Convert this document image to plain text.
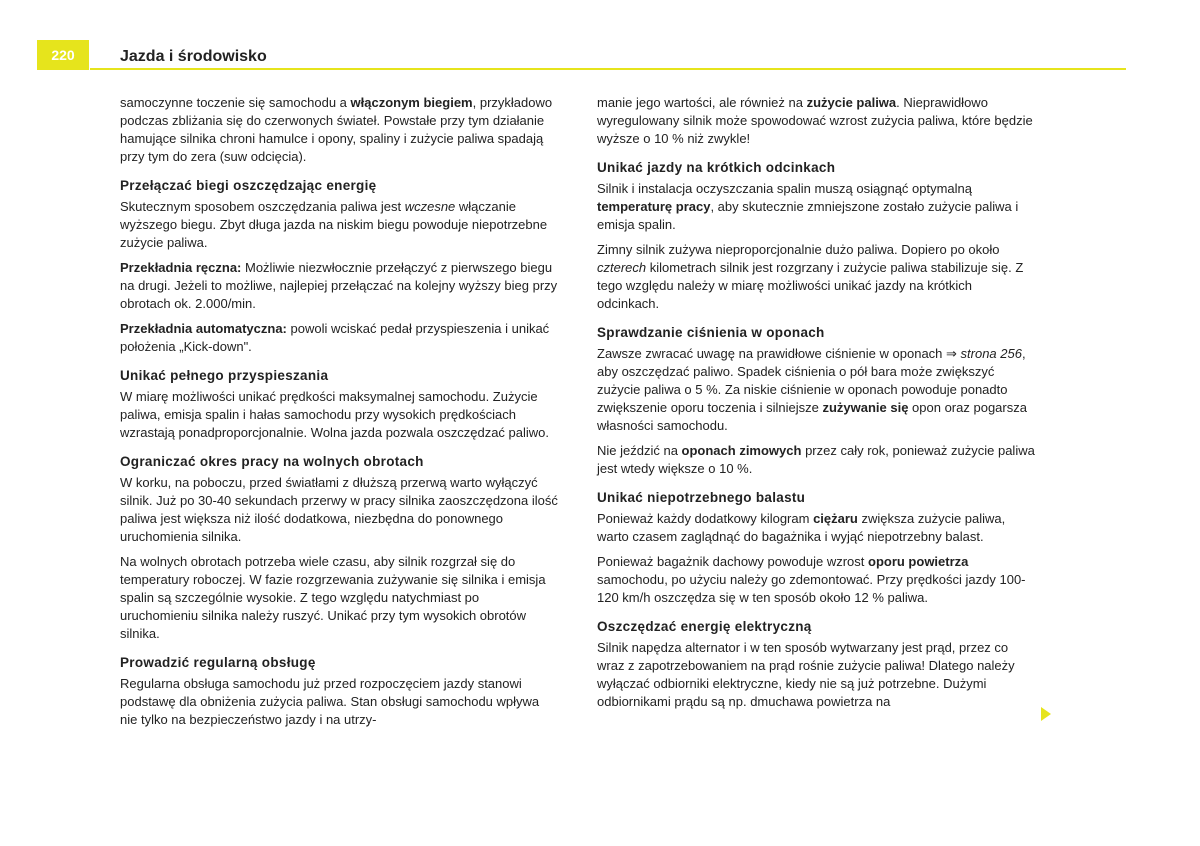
220	Jazda i środowisko

samoczynne toczenie się samochodu a włączonym biegiem, przykładowo podczas zbliżania się do czerwonych świateł. Powstałe przy tym działanie hamujące silnika chroni hamulce i opony, spaliny i zużycie paliwa spadają przy tym do zera (suw odcięcia).

Przełączać biegi oszczędzając energię

Skutecznym sposobem oszczędzania paliwa jest wczesne włączanie wyższego biegu. Zbyt długa jazda na niskim biegu powoduje niepotrzebne zużycie paliwa.

Przekładnia ręczna: Możliwie niezwłocznie przełączyć z pierwszego biegu na drugi. Jeżeli to możliwe, najlepiej przełączać na kolejny wyższy bieg przy obrotach ok. 2.000/min.

Przekładnia automatyczna: powoli wciskać pedał przyspieszenia i unikać położenia „Kick-down".

Unikać pełnego przyspieszania

W miarę możliwości unikać prędkości maksymalnej samochodu. Zużycie paliwa, emisja spalin i hałas samochodu przy wysokich prędkościach wzrastają ponadproporcjonalnie. Wolna jazda pozwala oszczędzać paliwo.

Ograniczać okres pracy na wolnych obrotach

W korku, na poboczu, przed światłami z dłuższą przerwą warto wyłączyć silnik. Już po 30-40 sekundach przerwy w pracy silnika zaoszczędzona ilość paliwa jest większa niż ilość dodatkowa, niezbędna do ponownego uruchomienia silnika.

Na wolnych obrotach potrzeba wiele czasu, aby silnik rozgrzał się do temperatury roboczej. W fazie rozgrzewania zużywanie się silnika i emisja spalin są szczególnie wysokie. Z tego względu natychmiast po uruchomieniu silnika należy ruszyć. Unikać przy tym wysokich obrotów silnika.

Prowadzić regularną obsługę

Regularna obsługa samochodu już przed rozpoczęciem jazdy stanowi podstawę dla obniżenia zużycia paliwa. Stan obsługi samochodu wpływa nie tylko na bezpieczeństwo jazdy i na utrzy-

manie jego wartości, ale również na zużycie paliwa. Nieprawidłowo wyregulowany silnik może spowodować wzrost zużycia paliwa, które będzie wyższe o 10 % niż zwykle!

Unikać jazdy na krótkich odcinkach

Silnik i instalacja oczyszczania spalin muszą osiągnąć optymalną temperaturę pracy, aby skutecznie zmniejszone zostało zużycie paliwa i emisja spalin.

Zimny silnik zużywa nieproporcjonalnie dużo paliwa. Dopiero po około czterech kilometrach silnik jest rozgrzany i zużycie paliwa stabilizuje się. Z tego względu należy w miarę możliwości unikać jazdy na krótkich odcinkach.

Sprawdzanie ciśnienia w oponach

Zawsze zwracać uwagę na prawidłowe ciśnienie w oponach ⇒ strona 256, aby oszczędzać paliwo. Spadek ciśnienia o pół bara może zwiększyć zużycie paliwa o 5 %. Za niskie ciśnienie w oponach powoduje ponadto zwiększenie oporu toczenia i silniejsze zużywanie się opon oraz pogarsza własności samochodu.

Nie jeździć na oponach zimowych przez cały rok, ponieważ zużycie paliwa jest wtedy większe o 10 %.

Unikać niepotrzebnego balastu

Ponieważ każdy dodatkowy kilogram ciężaru zwiększa zużycie paliwa, warto czasem zaglądnąć do bagażnika i wyjąć niepotrzebny balast.

Ponieważ bagażnik dachowy powoduje wzrost oporu powietrza samochodu, po użyciu należy go zdemontować. Przy prędkości jazdy 100-120 km/h oszczędza się w ten sposób około 12 % paliwa.

Oszczędzać energię elektryczną

Silnik napędza alternator i w ten sposób wytwarzany jest prąd, przez co wraz z zapotrzebowaniem na prąd rośnie zużycie paliwa! Dlatego należy wyłączać odbiorniki elektryczne, kiedy nie są już potrzebne. Dużymi odbiornikami prądu są np. dmuchawa powietrza na
